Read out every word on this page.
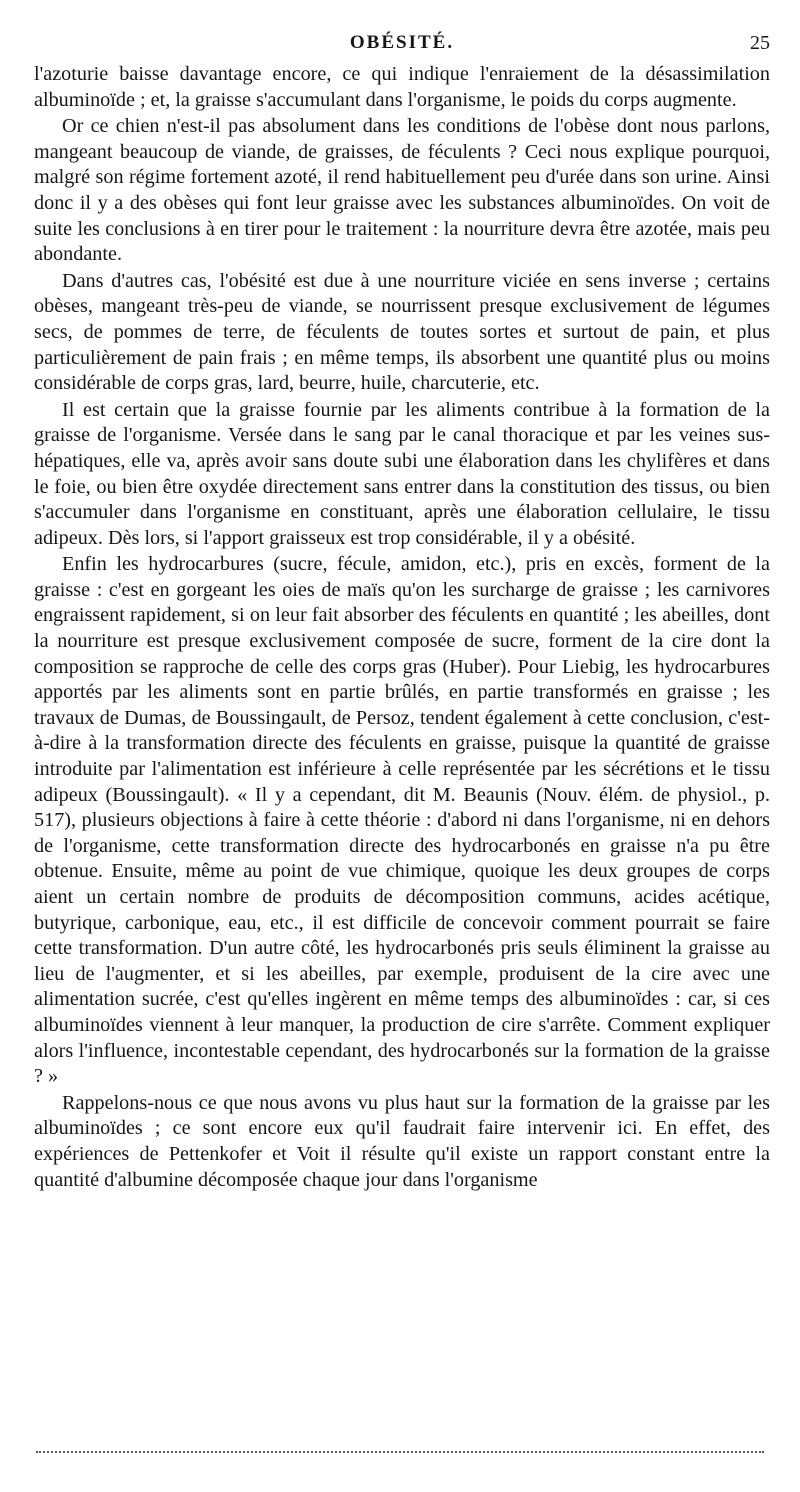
OBÉSITÉ.	25

l'azoturie baisse davantage encore, ce qui indique l'enraiement de la désassimilation albuminoïde ; et, la graisse s'accumulant dans l'organisme, le poids du corps augmente.

Or ce chien n'est-il pas absolument dans les conditions de l'obèse dont nous parlons, mangeant beaucoup de viande, de graisses, de féculents ? Ceci nous explique pourquoi, malgré son régime fortement azoté, il rend habituellement peu d'urée dans son urine. Ainsi donc il y a des obèses qui font leur graisse avec les substances albuminoïdes. On voit de suite les conclusions à en tirer pour le traitement : la nourriture devra être azotée, mais peu abondante.

Dans d'autres cas, l'obésité est due à une nourriture viciée en sens inverse ; certains obèses, mangeant très-peu de viande, se nourrissent presque exclusivement de légumes secs, de pommes de terre, de féculents de toutes sortes et surtout de pain, et plus particulièrement de pain frais ; en même temps, ils absorbent une quantité plus ou moins considérable de corps gras, lard, beurre, huile, charcuterie, etc.

Il est certain que la graisse fournie par les aliments contribue à la formation de la graisse de l'organisme. Versée dans le sang par le canal thoracique et par les veines sus-hépatiques, elle va, après avoir sans doute subi une élaboration dans les chylifères et dans le foie, ou bien être oxydée directement sans entrer dans la constitution des tissus, ou bien s'accumuler dans l'organisme en constituant, après une élaboration cellulaire, le tissu adipeux. Dès lors, si l'apport graisseux est trop considérable, il y a obésité.

Enfin les hydrocarbures (sucre, fécule, amidon, etc.), pris en excès, forment de la graisse : c'est en gorgeant les oies de maïs qu'on les surcharge de graisse ; les carnivores engraissent rapidement, si on leur fait absorber des féculents en quantité ; les abeilles, dont la nourriture est presque exclusivement composée de sucre, forment de la cire dont la composition se rapproche de celle des corps gras (Huber). Pour Liebig, les hydrocarbures apportés par les aliments sont en partie brûlés, en partie transformés en graisse ; les travaux de Dumas, de Boussingault, de Persoz, tendent également à cette conclusion, c'est-à-dire à la transformation directe des féculents en graisse, puisque la quantité de graisse introduite par l'alimentation est inférieure à celle représentée par les sécrétions et le tissu adipeux (Boussingault). « Il y a cependant, dit M. Beaunis (Nouv. élém. de physiol., p. 517), plusieurs objections à faire à cette théorie : d'abord ni dans l'organisme, ni en dehors de l'organisme, cette transformation directe des hydrocarbonés en graisse n'a pu être obtenue. Ensuite, même au point de vue chimique, quoique les deux groupes de corps aient un certain nombre de produits de décomposition communs, acides acétique, butyrique, carbonique, eau, etc., il est difficile de concevoir comment pourrait se faire cette transformation. D'un autre côté, les hydrocarbonés pris seuls éliminent la graisse au lieu de l'augmenter, et si les abeilles, par exemple, produisent de la cire avec une alimentation sucrée, c'est qu'elles ingèrent en même temps des albuminoïdes : car, si ces albuminoïdes viennent à leur manquer, la production de cire s'arrête. Comment expliquer alors l'influence, incontestable cependant, des hydrocarbonés sur la formation de la graisse ? »

Rappelons-nous ce que nous avons vu plus haut sur la formation de la graisse par les albuminoïdes ; ce sont encore eux qu'il faudrait faire intervenir ici. En effet, des expériences de Pettenkofer et Voit il résulte qu'il existe un rapport constant entre la quantité d'albumine décomposée chaque jour dans l'organisme
